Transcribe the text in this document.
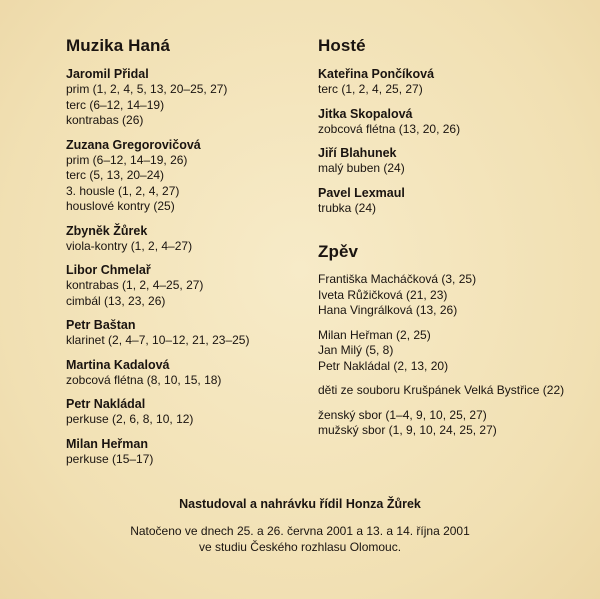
Muzika Haná

Jaromil Přidal

prim (1, 2, 4, 5, 13, 20–25, 27)

terc (6–12, 14–19)

kontrabas (26)

Zuzana Gregorovičová

prim (6–12, 14–19, 26)

terc (5, 13, 20–24)

3. housle (1, 2, 4, 27)

houslové kontry (25)

Zbyněk Žůrek

viola-kontry (1, 2, 4–27)

Libor Chmelař

kontrabas (1, 2, 4–25, 27)

cimbál (13, 23, 26)

Petr Baštan

klarinet (2, 4–7, 10–12, 21, 23–25)

Martina Kadalová

zobcová flétna (8, 10, 15, 18)

Petr Nakládal

perkuse (2, 6, 8, 10, 12)

Milan Heřman

perkuse (15–17)

Hosté

Kateřina Pončíková

terc (1, 2, 4, 25, 27)

Jitka Skopalová

zobcová flétna (13, 20, 26)

Jiří Blahunek

malý buben (24)

Pavel Lexmaul

trubka (24)

Zpěv

Františka Macháčková (3, 25)

Iveta Růžičková (21, 23)

Hana Vingrálková (13, 26)

Milan Heřman (2, 25)

Jan Milý (5, 8)

Petr Nakládal (2, 13, 20)

děti ze souboru Krušpánek Velká Bystřice (22)

ženský sbor (1–4, 9, 10, 25, 27)

mužský sbor (1, 9, 10, 24, 25, 27)

Nastudoval a nahrávku řídil Honza Žůrek
Natočeno ve dnech 25. a 26. června 2001 a 13. a 14. října 2001
ve studiu Českého rozhlasu Olomouc.
